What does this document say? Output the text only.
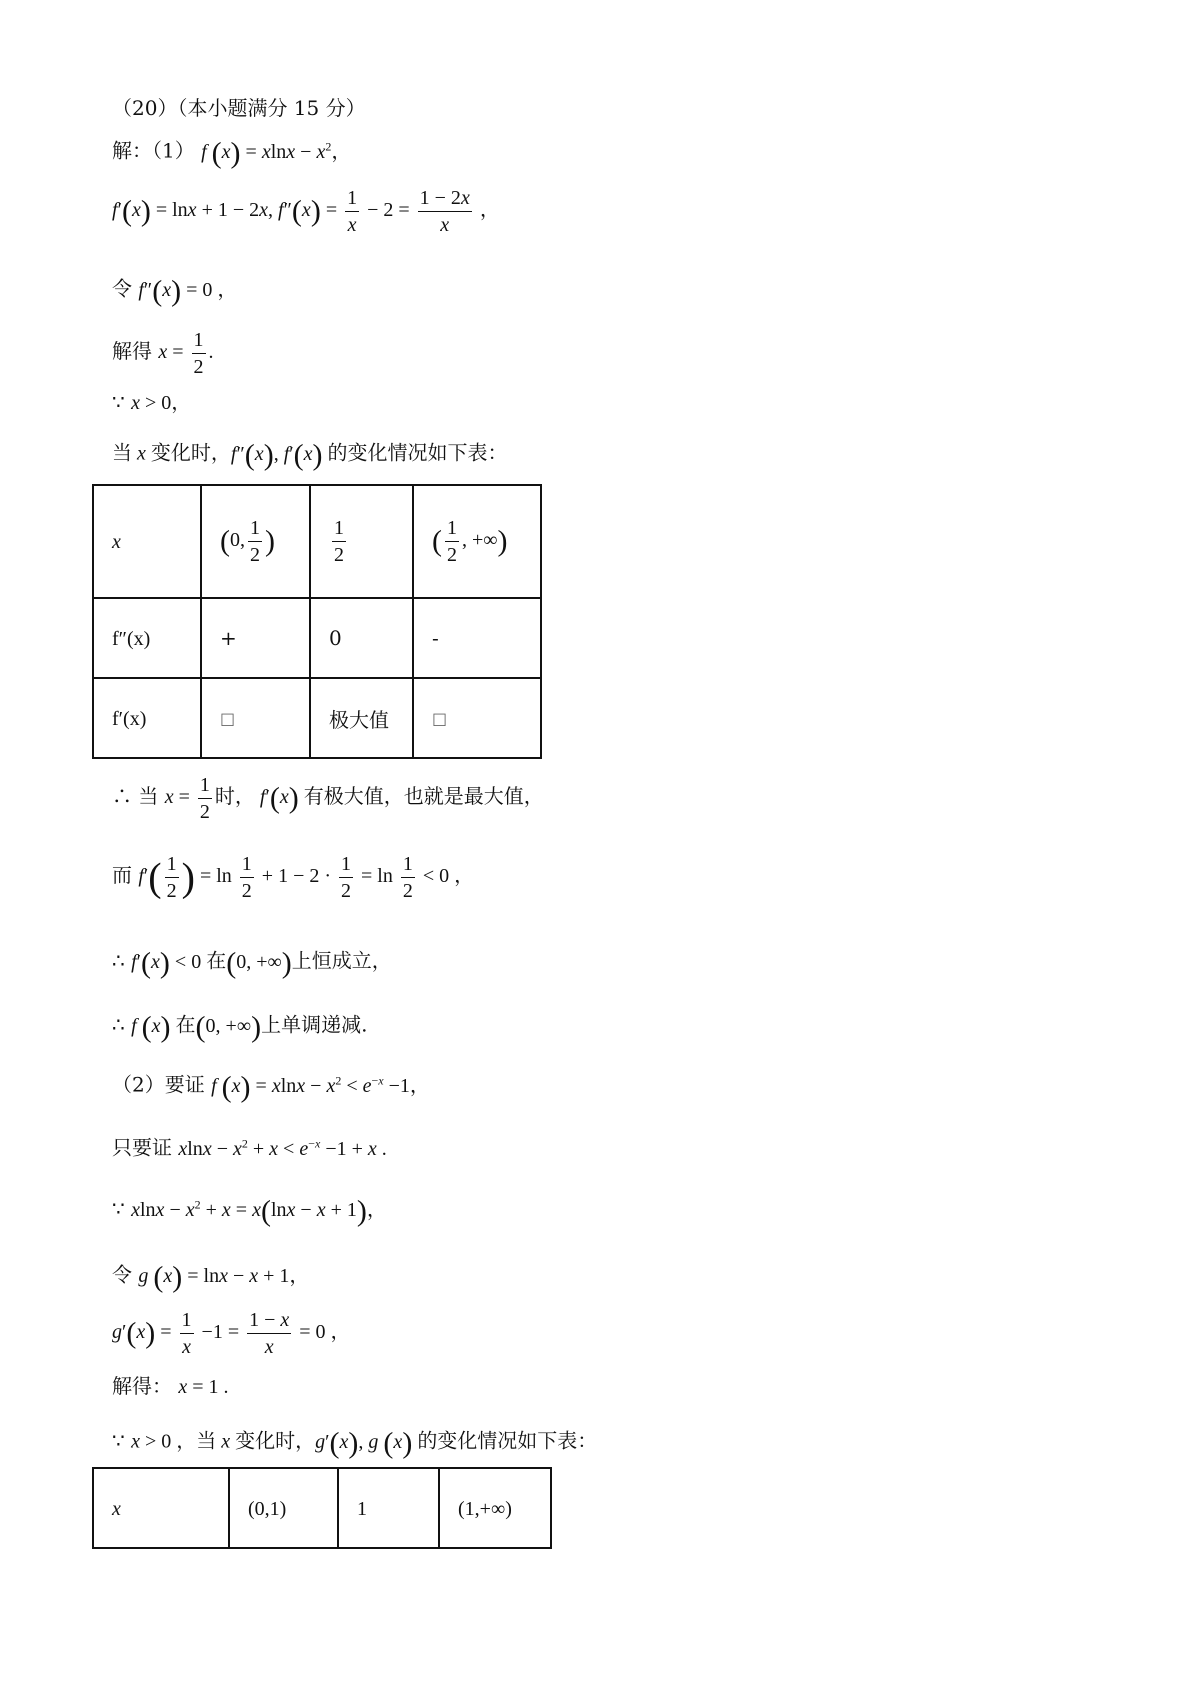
（20）（本小题满分 15 分）
解：（1） f $(x) = xlnx - x^2$，
f′(x) = lnx + 1 − 2x, $f''(x) = \frac{1}{x} - 2 = \frac{1 - 2x}{x}$ ，
令 f″(x) = 0 ，
解得 $x = \frac{1}{2}$ .
∵ x > 0，
当 x 变化时，f″(x), f′(x) 的变化情况如下表：
x	(0, $\frac{1}{2}$ )	$\frac{1}{2}$	( $\frac{1}{2}$ , +∞)
f″(x)	+	0	-
f′(x)	□	极大值	□
∴ 当 $x = \frac{1}{2}$ 时， f′(x) 有极大值，也就是最大值，
而 $f'( \frac{1}{2}$ ) = $\ln \frac{1}{2} + 1 - 2 \cdot \frac{1}{2} = \ln \frac{1}{2} < 0$ ，
∴ f′(x) < 0 在(0, +∞)上恒成立，
∴ f (x) 在(0, +∞)上单调递减.
（2）要证 f $(x) = xlnx - x^2 < e^{-x} -1$，
只要证 $xlnx - x^2 + x < e^{-x} -1 + x$ .
∵ $xlnx - x^2 + x = x(\ln x - x + 1)$，
令 g (x) = lnx − x + 1，
$g'(x) = \frac{1}{x} -1 = \frac{1 - x}{x} = 0$ ，
解得： x = 1 .
∵ x > 0 ，当 x 变化时，g′(x), g (x) 的变化情况如下表：
x	(0,1)	1	(1,+∞)
